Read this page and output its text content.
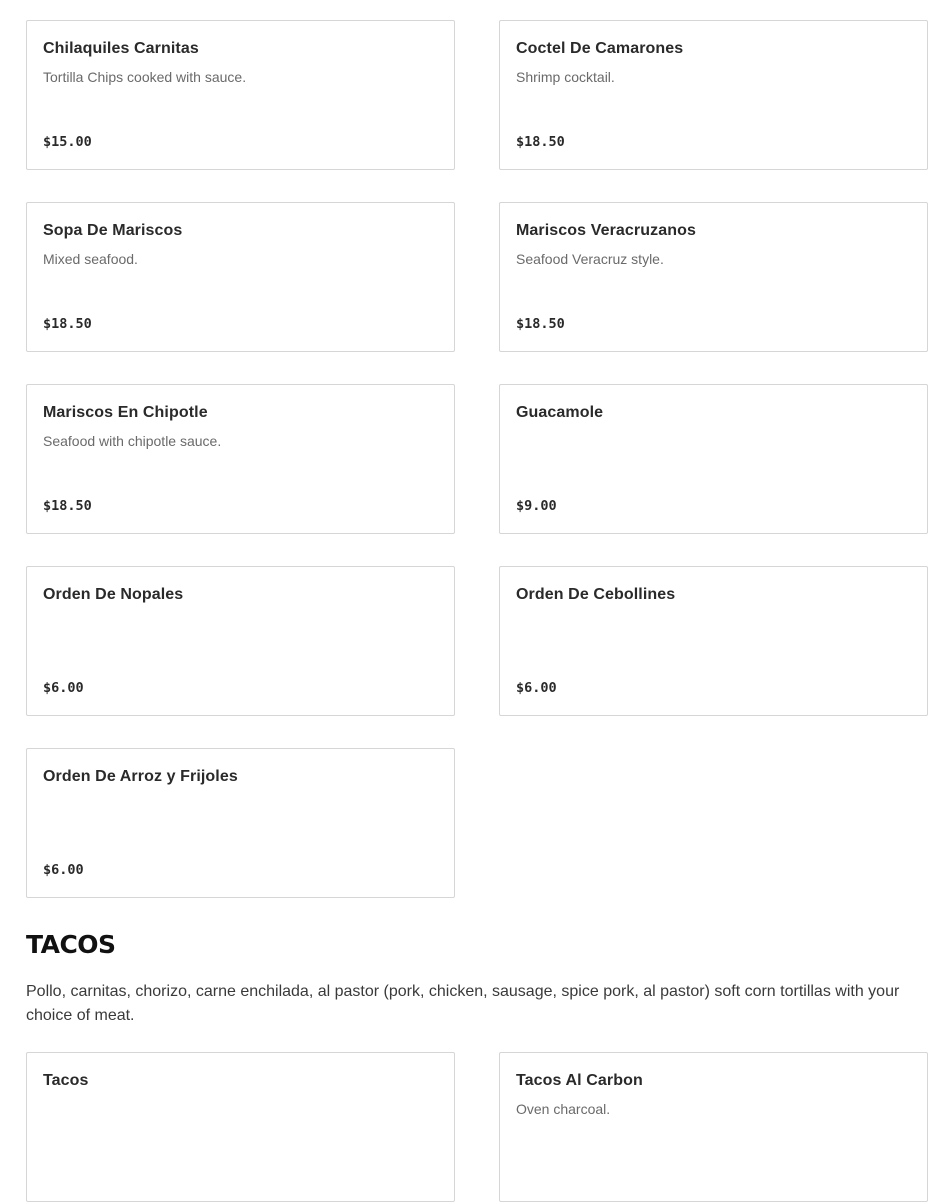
Chilaquiles Carnitas
Tortilla Chips cooked with sauce.
$15.00
Coctel De Camarones
Shrimp cocktail.
$18.50
Sopa De Mariscos
Mixed seafood.
$18.50
Mariscos Veracruzanos
Seafood Veracruz style.
$18.50
Mariscos En Chipotle
Seafood with chipotle sauce.
$18.50
Guacamole
$9.00
Orden De Nopales
$6.00
Orden De Cebollines
$6.00
Orden De Arroz y Frijoles
$6.00
TACOS
Pollo, carnitas, chorizo, carne enchilada, al pastor (pork, chicken, sausage, spice pork, al pastor) soft corn tortillas with your choice of meat.
Tacos	Tacos Al Carbon
Oven charcoal.
